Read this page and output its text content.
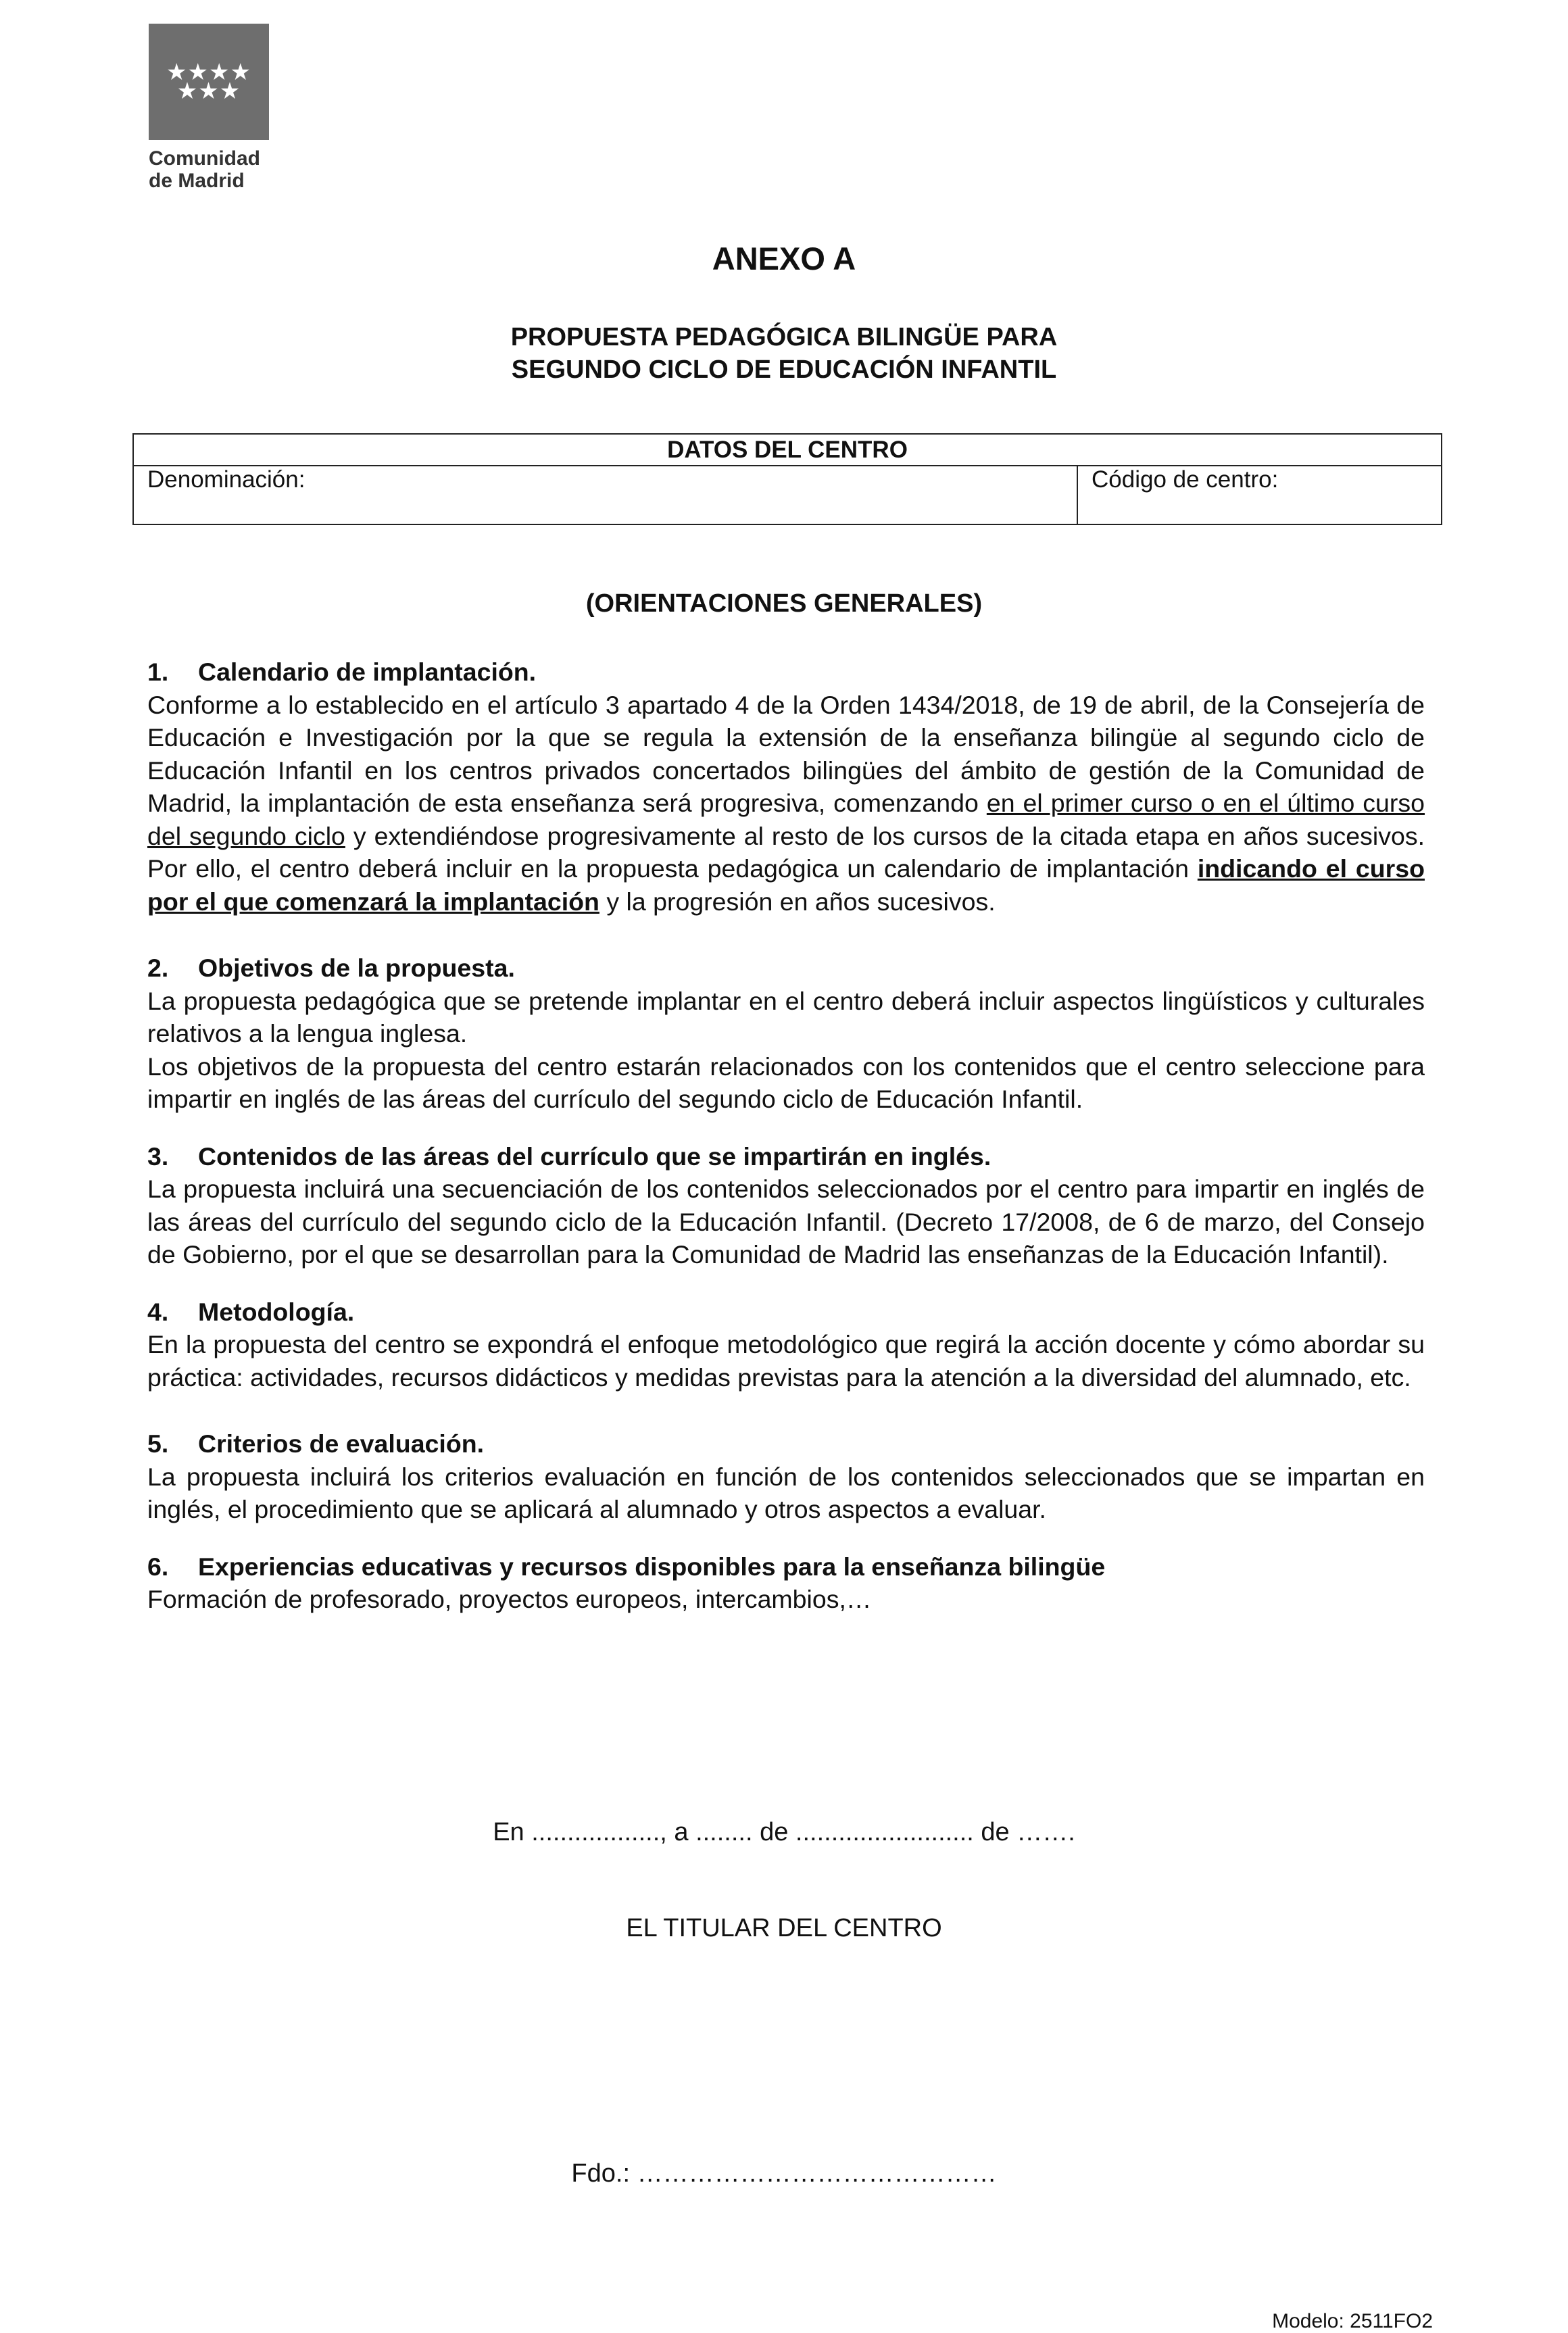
★★★★
★★★
Comunidad
de Madrid
ANEXO A
PROPUESTA PEDAGÓGICA BILINGÜE PARA
SEGUNDO CICLO DE EDUCACIÓN INFANTIL
DATOS DEL CENTRO
Denominación:	Código de centro:
(ORIENTACIONES GENERALES)
1. Calendario de implantación.

Conforme a lo establecido en el artículo 3 apartado 4 de la Orden 1434/2018, de 19 de abril, de la Consejería de Educación e Investigación por la que se regula la extensión de la enseñanza bilingüe al segundo ciclo de Educación Infantil en los centros privados concertados bilingües del ámbito de gestión de la Comunidad de Madrid, la implantación de esta enseñanza será progresiva, comenzando en el primer curso o en el último curso del segundo ciclo y extendiéndose progresivamente al resto de los cursos de la citada etapa en años sucesivos. Por ello, el centro deberá incluir en la propuesta pedagógica un calendario de implantación indicando el curso por el que comenzará la implantación y la progresión en años sucesivos.

2. Objetivos de la propuesta.

La propuesta pedagógica que se pretende implantar en el centro deberá incluir aspectos lingüísticos y culturales relativos a la lengua inglesa.

Los objetivos de la propuesta del centro estarán relacionados con los contenidos que el centro seleccione para impartir en inglés de las áreas del currículo del segundo ciclo de Educación Infantil.

3. Contenidos de las áreas del currículo que se impartirán en inglés.

La propuesta incluirá una secuenciación de los contenidos seleccionados por el centro para impartir en inglés de las áreas del currículo del segundo ciclo de la Educación Infantil. (Decreto 17/2008, de 6 de marzo, del Consejo de Gobierno, por el que se desarrollan para la Comunidad de Madrid las enseñanzas de la Educación Infantil).

4. Metodología.

En la propuesta del centro se expondrá el enfoque metodológico que regirá la acción docente y cómo abordar su práctica: actividades, recursos didácticos y medidas previstas para la atención a la diversidad del alumnado, etc.

5. Criterios de evaluación.

La propuesta incluirá los criterios evaluación en función de los contenidos seleccionados que se impartan en inglés, el procedimiento que se aplicará al alumnado y otros aspectos a evaluar.

6. Experiencias educativas y recursos disponibles para la enseñanza bilingüe

Formación de profesorado, proyectos europeos, intercambios,…

En .................., a ........ de ......................... de …….
EL TITULAR DEL CENTRO
Fdo.: ……………………………………
Modelo: 2511FO2
